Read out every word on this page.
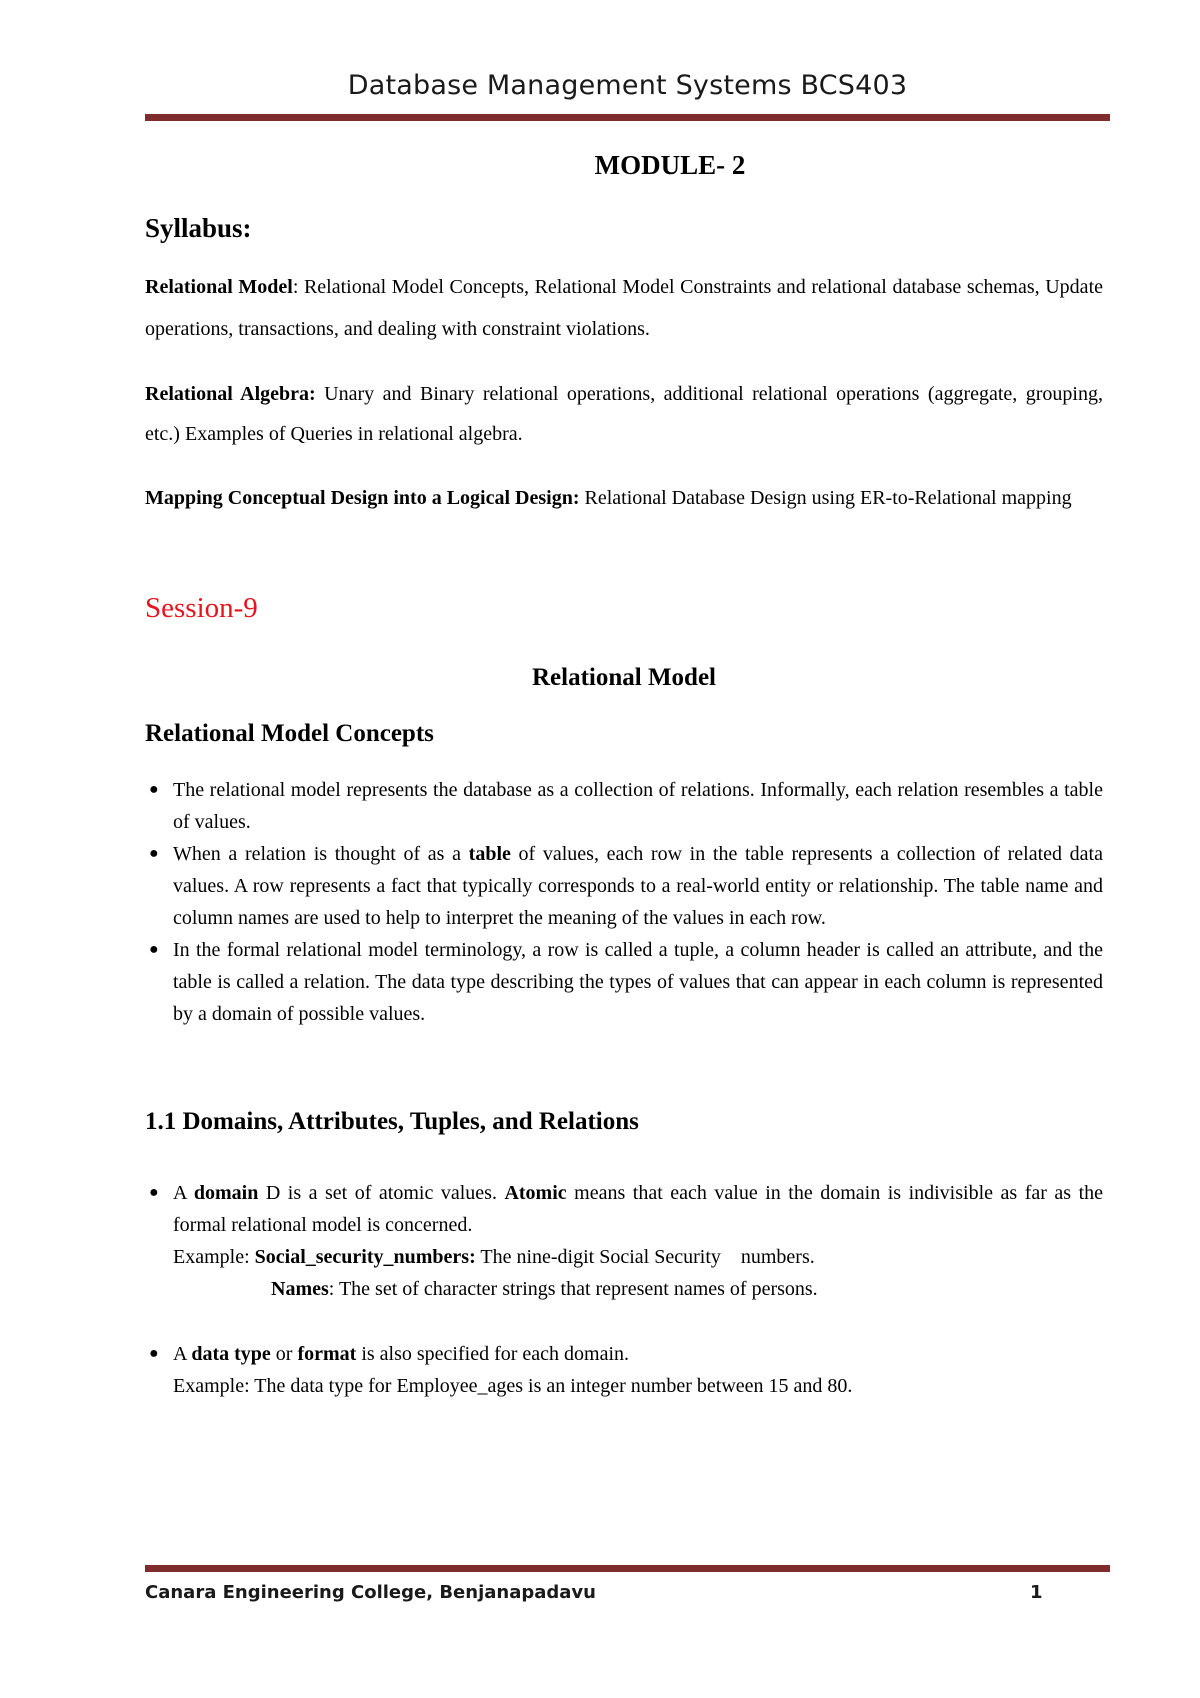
Database Management Systems BCS403
MODULE- 2
Syllabus:

Relational Model: Relational Model Concepts, Relational Model Constraints and relational database schemas, Update operations, transactions, and dealing with constraint violations.

Relational Algebra: Unary and Binary relational operations, additional relational operations (aggregate, grouping, etc.) Examples of Queries in relational algebra.

Mapping Conceptual Design into a Logical Design: Relational Database Design using ER-to-Relational mapping

Session-9
Relational Model
Relational Model Concepts
● The relational model represents the database as a collection of relations. Informally, each relation resembles a table of values.
● When a relation is thought of as a table of values, each row in the table represents a collection of related data values. A row represents a fact that typically corresponds to a real-world entity or relationship. The table name and column names are used to help to interpret the meaning of the values in each row.
● In the formal relational model terminology, a row is called a tuple, a column header is called an attribute, and the table is called a relation. The data type describing the types of values that can appear in each column is represented by a domain of possible values.
1.1 Domains, Attributes, Tuples, and Relations
● A domain D is a set of atomic values. Atomic means that each value in the domain is indivisible as far as the formal relational model is concerned.
Example: Social_security_numbers: The nine-digit Social Security    numbers.
Names: The set of character strings that represent names of persons.
● A data type or format is also specified for each domain.
Example: The data type for Employee_ages is an integer number between 15 and 80.
Canara Engineering College, Benjanapadavu	1
